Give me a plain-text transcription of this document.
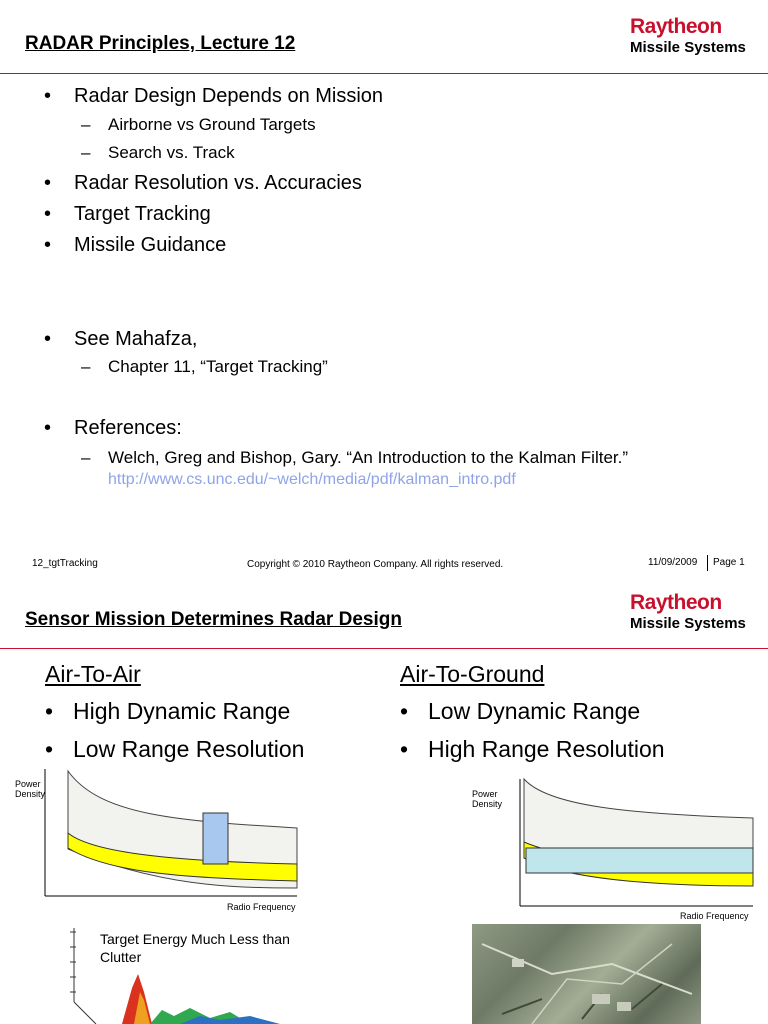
RADAR Principles, Lecture 12
Raytheon
Missile Systems
• Radar Design Depends on Mission
– Airborne vs Ground Targets
– Search vs. Track
• Radar Resolution vs. Accuracies
• Target Tracking
• Missile Guidance
• See Mahafza,
– Chapter 11, “Target Tracking”
• References:
– Welch, Greg and Bishop, Gary. “An Introduction to the Kalman Filter.”
http://www.cs.unc.edu/~welch/media/pdf/kalman_intro.pdf
12_tgtTracking	Copyright © 2010 Raytheon Company. All rights reserved.	11/09/2009 Page 1
Sensor Mission Determines Radar Design
Raytheon
Missile Systems
Air-To-Air
• High Dynamic Range
• Low Range Resolution
Air-To-Ground
• Low Dynamic Range
• High Range Resolution
Power
Density
Radio Frequency
Power
Density
Radio Frequency
Target Energy Much Less than Clutter
